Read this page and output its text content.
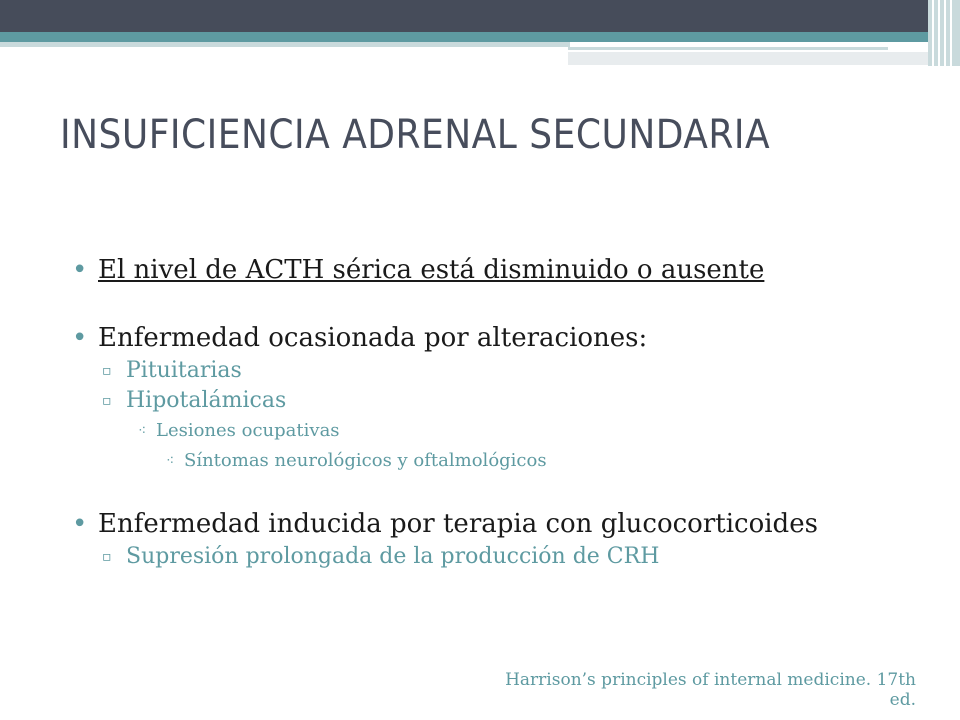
INSUFICIENCIA ADRENAL SECUNDARIA
• El nivel de ACTH sérica está disminuido o ausente
• Enfermedad ocasionada por alteraciones:
▫ Pituitarias
▫ Hipotalámicas
⁖ Lesiones ocupativas
⁖ Síntomas neurológicos y oftalmológicos
• Enfermedad inducida por terapia con glucocorticoides
▫ Supresión prolongada de la producción de CRH
Harrison’s principles of internal medicine. 17th ed.
